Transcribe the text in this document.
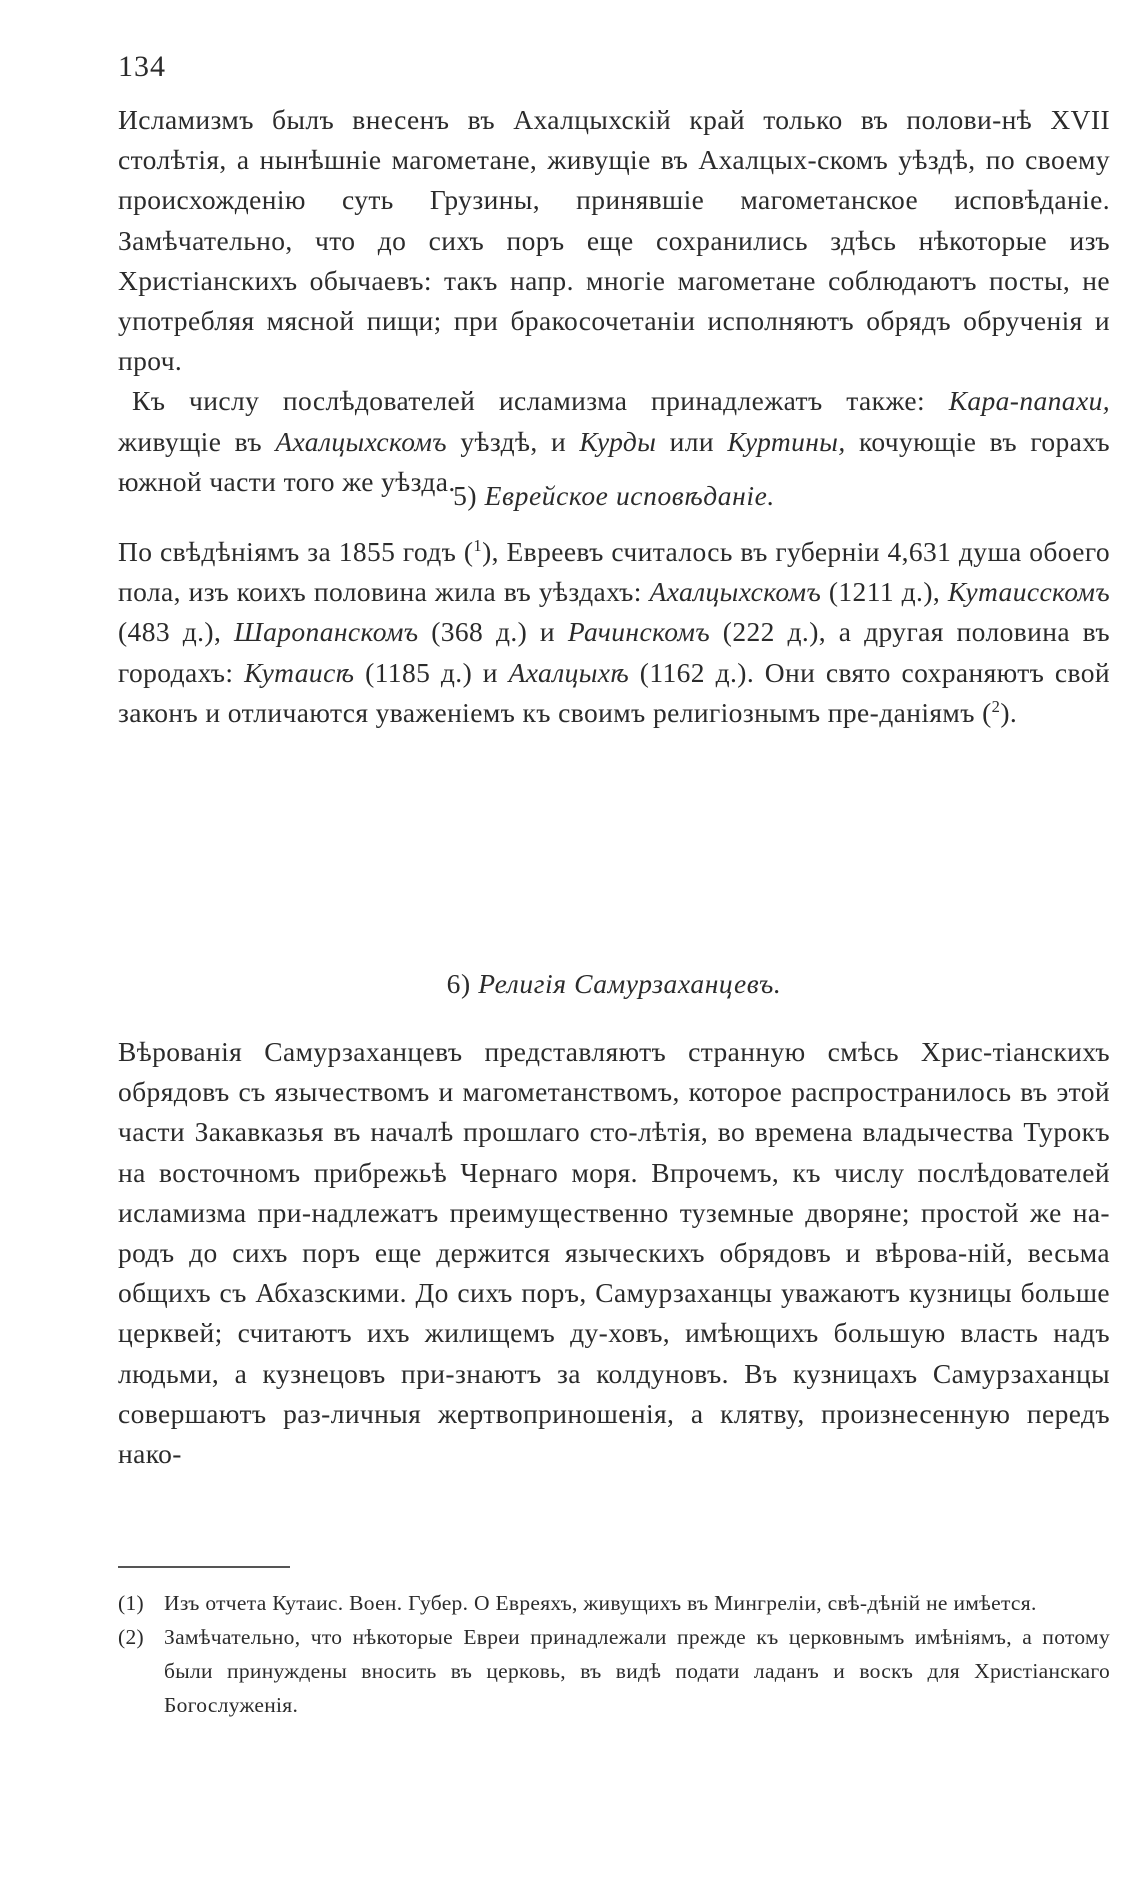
134

Исламизмъ былъ внесенъ въ Ахалцыхскiй край только въ полови-нѣ XVII столѣтiя, а нынѣшнiе магометане, живущiе въ Ахалцых-скомъ уѣздѣ, по своему происхожденiю суть Грузины, принявшiе магометанское исповѣданiе. Замѣчательно, что до сихъ поръ еще сохранились здѣсь нѣкоторые изъ Христiанскихъ обычаевъ: такъ напр. многiе магометане соблюдаютъ посты, не употребляя мясной пищи; при бракосочетанiи исполняютъ обрядъ обрученiя и проч.

Къ числу послѣдователей исламизма принадлежатъ также: Кара-папахи, живущiе въ Ахалцыхскомъ уѣздѣ, и Курды или Куртины, кочующiе въ горахъ южной части того же уѣзда.

5) Еврейское исповѣданiе.

По свѣдѣнiямъ за 1855 годъ ($^1$), Евреевъ считалось въ губернiи 4,631 душа обоего пола, изъ коихъ половина жила въ уѣздахъ: Ахалцыхскомъ (1211 д.), Кутаисскомъ (483 д.), Шаропанскомъ (368 д.) и Рачинскомъ (222 д.), а другая половина въ городахъ: Кутаисѣ (1185 д.) и Ахалцыхѣ (1162 д.). Они свято сохраняютъ свой законъ и отличаются уваженiемъ къ своимъ религiознымъ пре-данiямъ ($^2$).

6) Религiя Самурзаханцевъ.

Вѣрованiя Самурзаханцевъ представляютъ странную смѣсь Хрис-тiанскихъ обрядовъ съ язычествомъ и магометанствомъ, которое распространилось въ этой части Закавказья въ началѣ прошлаго сто-лѣтiя, во времена владычества Турокъ на восточномъ прибрежьѣ Чернаго моря. Впрочемъ, къ числу послѣдователей исламизма при-надлежатъ преимущественно туземные дворяне; простой же на-родъ до сихъ поръ еще держится языческихъ обрядовъ и вѣрова-нiй, весьма общихъ съ Абхазскими. До сихъ поръ, Самурзаханцы уважаютъ кузницы больше церквей; считаютъ ихъ жилищемъ ду-ховъ, имѣющихъ большую власть надъ людьми, а кузнецовъ при-знаютъ за колдуновъ. Въ кузницахъ Самурзаханцы совершаютъ раз-личныя жертвоприношенiя, а клятву, произнесенную передъ нако-

(1) Изъ отчета Кутаис. Воен. Губер. О Евреяхъ, живущихъ въ Мингрелiи, свѣ-дѣнiй не имѣется.
(2) Замѣчательно, что нѣкоторые Евреи принадлежали прежде къ церковнымъ имѣнiямъ, а потому были принуждены вносить въ церковь, въ видѣ подати ладанъ и воскъ для Христiанскаго Богослуженiя.
